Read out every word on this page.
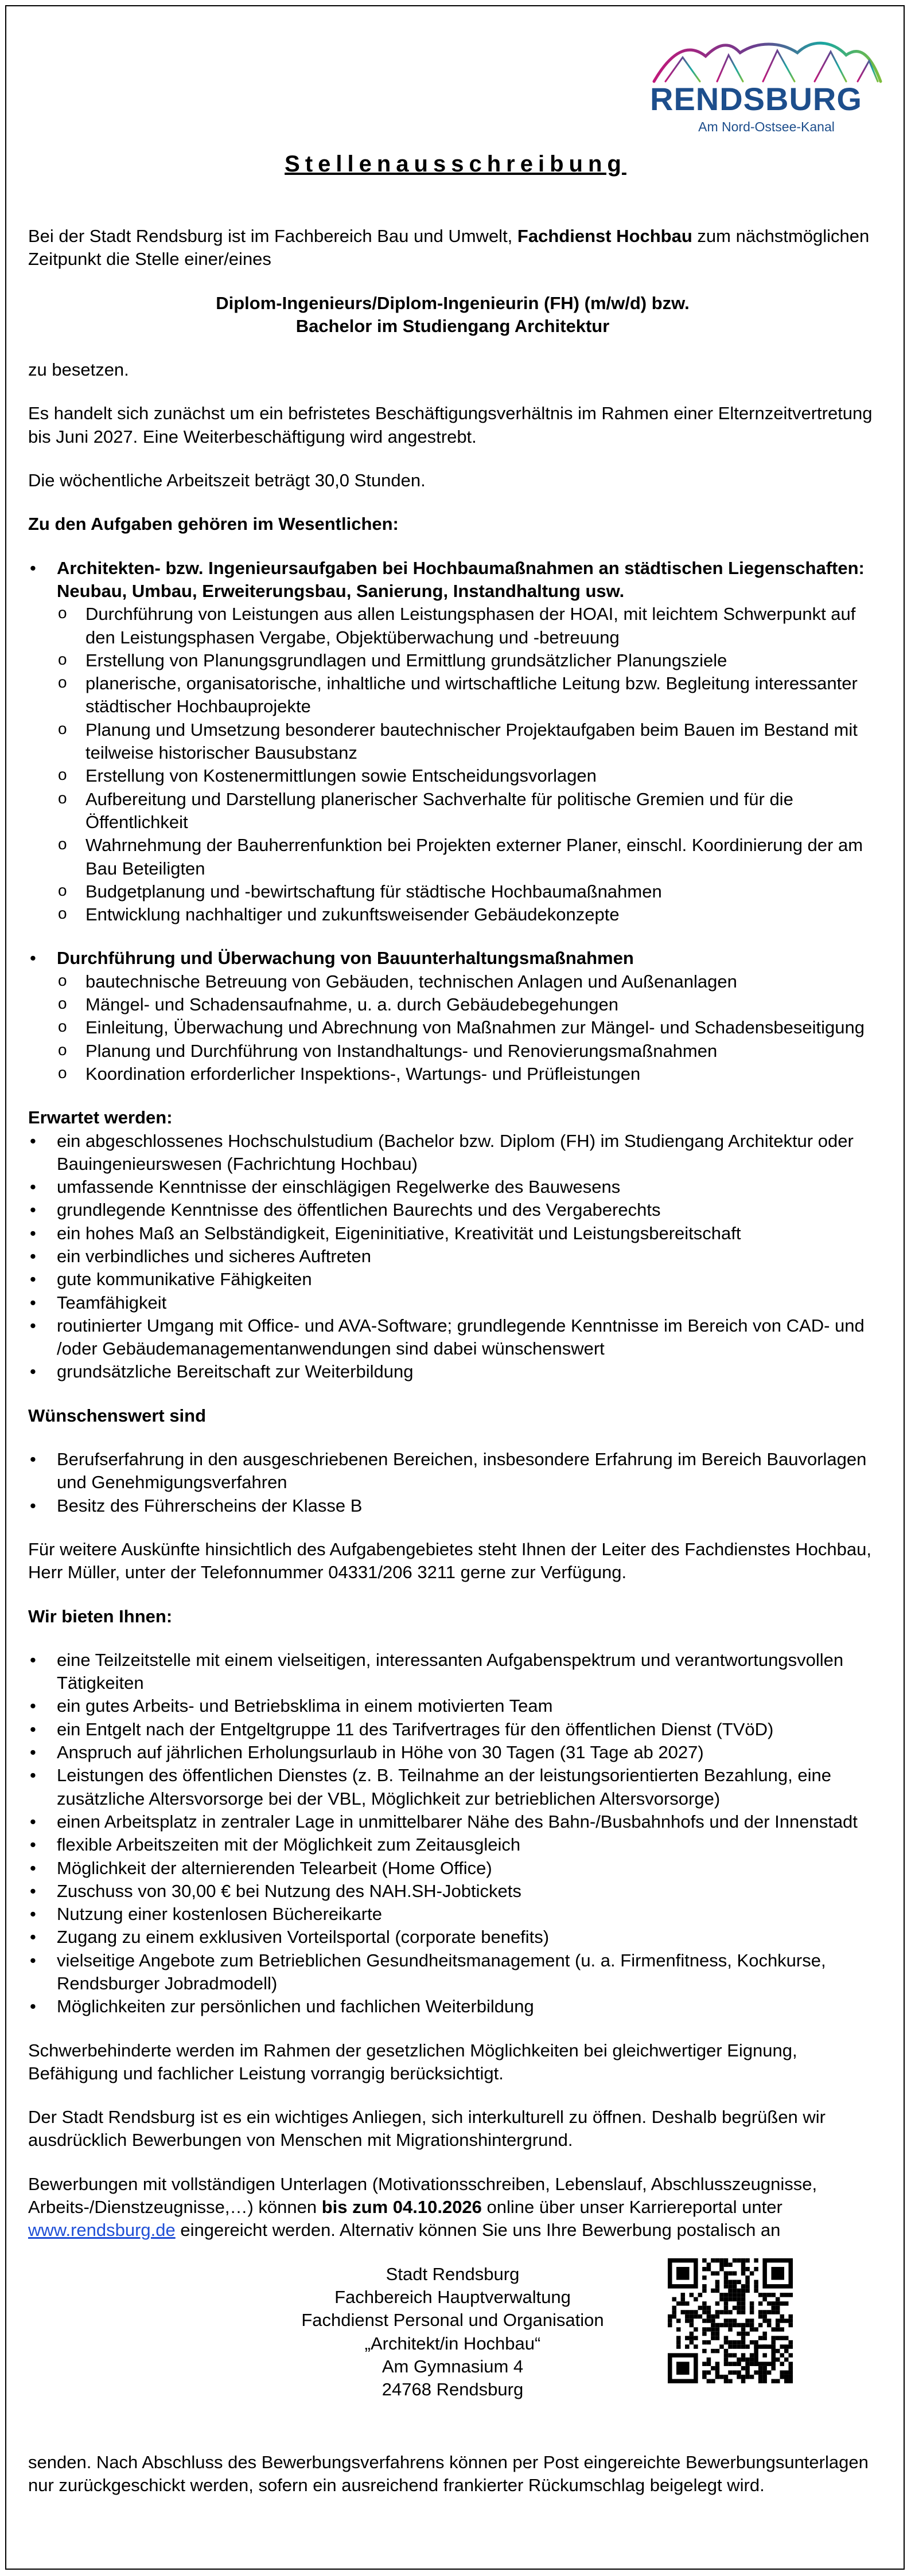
RENDSBURG
Am Nord-Ostsee-Kanal
Stellenausschreibung

Bei der Stadt Rendsburg ist im Fachbereich Bau und Umwelt, Fachdienst Hochbau zum nächstmöglichen Zeitpunkt die Stelle einer/eines

Diplom-Ingenieurs/Diplom-Ingenieurin (FH) (m/w/d) bzw.

Bachelor im Studiengang Architektur

zu besetzen.

Es handelt sich zunächst um ein befristetes Beschäftigungsverhältnis im Rahmen einer Elternzeitvertretung bis Juni 2027. Eine Weiterbeschäftigung wird angestrebt.

Die wöchentliche Arbeitszeit beträgt 30,0 Stunden.

Zu den Aufgaben gehören im Wesentlichen:

• Architekten- bzw. Ingenieursaufgaben bei Hochbaumaßnahmen an städtischen Liegenschaften: Neubau, Umbau, Erweiterungsbau, Sanierung, Instandhaltung usw.
o Durchführung von Leistungen aus allen Leistungsphasen der HOAI, mit leichtem Schwerpunkt auf den Leistungsphasen Vergabe, Objektüberwachung und -betreuung
o Erstellung von Planungsgrundlagen und Ermittlung grundsätzlicher Planungsziele
o planerische, organisatorische, inhaltliche und wirtschaftliche Leitung bzw. Begleitung interessanter städtischer Hochbauprojekte
o Planung und Umsetzung besonderer bautechnischer Projektaufgaben beim Bauen im Bestand mit teilweise historischer Bausubstanz
o Erstellung von Kostenermittlungen sowie Entscheidungsvorlagen
o Aufbereitung und Darstellung planerischer Sachverhalte für politische Gremien und für die Öffentlichkeit
o Wahrnehmung der Bauherrenfunktion bei Projekten externer Planer, einschl. Koordinierung der am Bau Beteiligten
o Budgetplanung und -bewirtschaftung für städtische Hochbaumaßnahmen
o Entwicklung nachhaltiger und zukunftsweisender Gebäudekonzepte
• Durchführung und Überwachung von Bauunterhaltungsmaßnahmen
o bautechnische Betreuung von Gebäuden, technischen Anlagen und Außenanlagen
o Mängel- und Schadensaufnahme, u. a. durch Gebäudebegehungen
o Einleitung, Überwachung und Abrechnung von Maßnahmen zur Mängel- und Schadensbeseitigung
o Planung und Durchführung von Instandhaltungs- und Renovierungsmaßnahmen
o Koordination erforderlicher Inspektions-, Wartungs- und Prüfleistungen

Erwartet werden:

• ein abgeschlossenes Hochschulstudium (Bachelor bzw. Diplom (FH) im Studiengang Architektur oder Bauingenieurswesen (Fachrichtung Hochbau)
• umfassende Kenntnisse der einschlägigen Regelwerke des Bauwesens
• grundlegende Kenntnisse des öffentlichen Baurechts und des Vergaberechts
• ein hohes Maß an Selbständigkeit, Eigeninitiative, Kreativität und Leistungsbereitschaft
• ein verbindliches und sicheres Auftreten
• gute kommunikative Fähigkeiten
• Teamfähigkeit
• routinierter Umgang mit Office- und AVA-Software; grundlegende Kenntnisse im Bereich von CAD- und /oder Gebäudemanagementanwendungen sind dabei wünschenswert
• grundsätzliche Bereitschaft zur Weiterbildung

Wünschenswert sind

• Berufserfahrung in den ausgeschriebenen Bereichen, insbesondere Erfahrung im Bereich Bauvorlagen und Genehmigungsverfahren
• Besitz des Führerscheins der Klasse B

Für weitere Auskünfte hinsichtlich des Aufgabengebietes steht Ihnen der Leiter des Fachdienstes Hochbau, Herr Müller, unter der Telefonnummer 04331/206 3211 gerne zur Verfügung.

Wir bieten Ihnen:

• eine Teilzeitstelle mit einem vielseitigen, interessanten Aufgabenspektrum und verantwortungsvollen Tätigkeiten
• ein gutes Arbeits- und Betriebsklima in einem motivierten Team
• ein Entgelt nach der Entgeltgruppe 11 des Tarifvertrages für den öffentlichen Dienst (TVöD)
• Anspruch auf jährlichen Erholungsurlaub in Höhe von 30 Tagen (31 Tage ab 2027)
• Leistungen des öffentlichen Dienstes (z. B. Teilnahme an der leistungsorientierten Bezahlung, eine zusätzliche Altersvorsorge bei der VBL, Möglichkeit zur betrieblichen Altersvorsorge)
• einen Arbeitsplatz in zentraler Lage in unmittelbarer Nähe des Bahn-/Busbahnhofs und der Innenstadt
• flexible Arbeitszeiten mit der Möglichkeit zum Zeitausgleich
• Möglichkeit der alternierenden Telearbeit (Home Office)
• Zuschuss von 30,00 € bei Nutzung des NAH.SH-Jobtickets
• Nutzung einer kostenlosen Büchereikarte
• Zugang zu einem exklusiven Vorteilsportal (corporate benefits)
• vielseitige Angebote zum Betrieblichen Gesundheitsmanagement (u. a. Firmenfitness, Kochkurse, Rendsburger Jobradmodell)
• Möglichkeiten zur persönlichen und fachlichen Weiterbildung

Schwerbehinderte werden im Rahmen der gesetzlichen Möglichkeiten bei gleichwertiger Eignung, Befähigung und fachlicher Leistung vorrangig berücksichtigt.

Der Stadt Rendsburg ist es ein wichtiges Anliegen, sich interkulturell zu öffnen. Deshalb begrüßen wir ausdrücklich Bewerbungen von Menschen mit Migrationshintergrund.

Bewerbungen mit vollständigen Unterlagen (Motivationsschreiben, Lebenslauf, Abschlusszeugnisse, Arbeits-/Dienstzeugnisse,…) können bis zum 04.10.2026 online über unser Karriereportal unter www.rendsburg.de eingereicht werden. Alternativ können Sie uns Ihre Bewerbung postalisch an

Stadt Rendsburg
Fachbereich Hauptverwaltung
Fachdienst Personal und Organisation
„Architekt/in Hochbau“
Am Gymnasium 4
24768 Rendsburg

senden. Nach Abschluss des Bewerbungsverfahrens können per Post eingereichte Bewerbungsunterlagen nur zurückgeschickt werden, sofern ein ausreichend frankierter Rückumschlag beigelegt wird.
